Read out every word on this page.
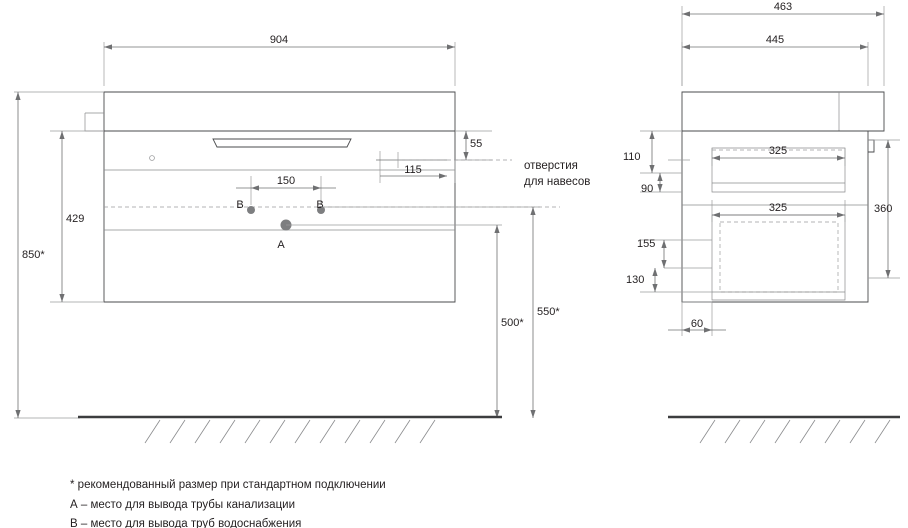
904
55
115
150
B	B
A
429
850*
500*
550*
463
445
110
90
325
325	360
155
130
60
отверстия
для навесов
* рекомендованный размер при стандартном подключении
А – место для вывода трубы канализации
В – место для вывода труб водоснабжения
